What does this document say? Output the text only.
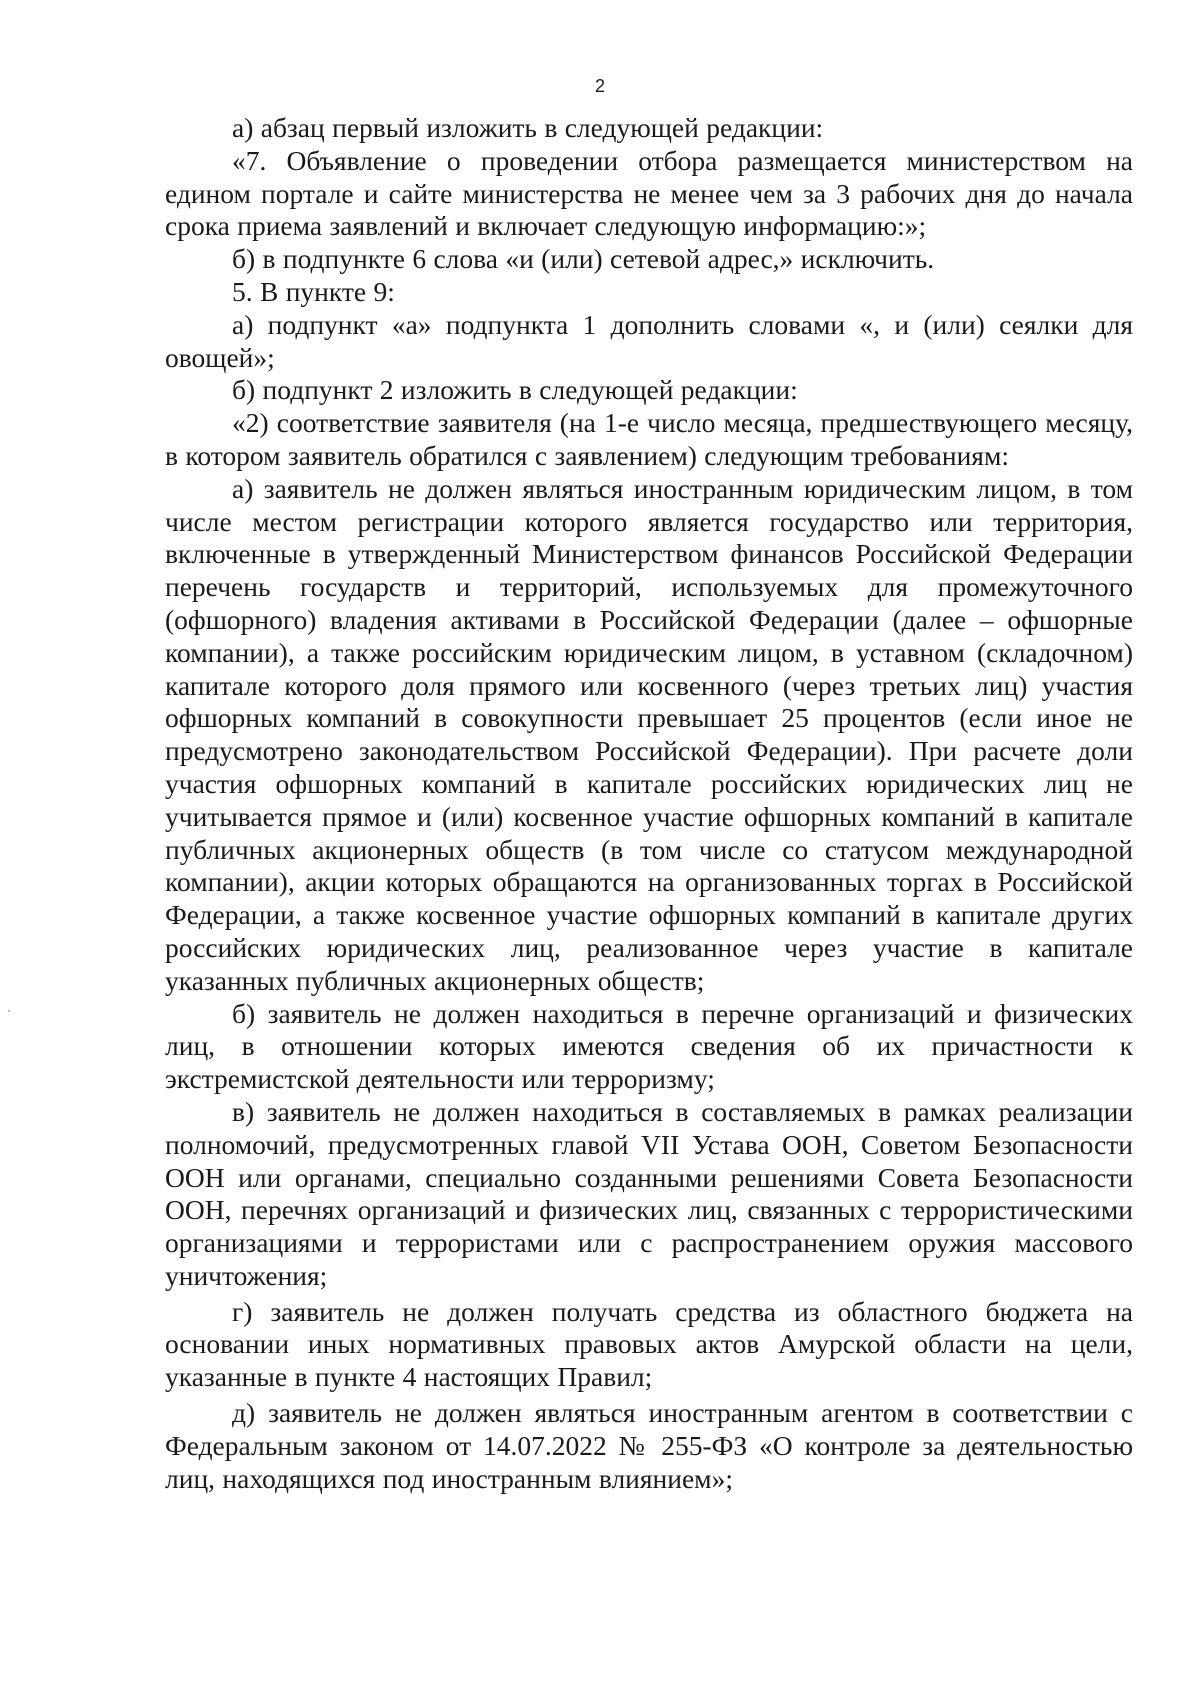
2

а) абзац первый изложить в следующей редакции:

«7. Объявление о проведении отбора размещается министерством на едином портале и сайте министерства не менее чем за 3 рабочих дня до начала срока приема заявлений и включает следующую информацию:»;

б) в подпункте 6 слова «и (или) сетевой адрес,» исключить.

5. В пункте 9:

а) подпункт «а» подпункта 1 дополнить словами «, и (или) сеялки для овощей»;

б) подпункт 2 изложить в следующей редакции:

«2) соответствие заявителя (на 1-е число месяца, предшествующего месяцу, в котором заявитель обратился с заявлением) следующим требованиям:

а) заявитель не должен являться иностранным юридическим лицом, в том числе местом регистрации которого является государство или территория, включенные в утвержденный Министерством финансов Российской Федерации перечень государств и территорий, используемых для промежуточного (офшорного) владения активами в Российской Федерации (далее – офшорные компании), а также российским юридическим лицом, в уставном (складочном) капитале которого доля прямого или косвенного (через третьих лиц) участия офшорных компаний в совокупности превышает 25 процентов (если иное не предусмотрено законодательством Российской Федерации). При расчете доли участия офшорных компаний в капитале российских юридических лиц не учитывается прямое и (или) косвенное участие офшорных компаний в капитале публичных акционерных обществ (в том числе со статусом международной компании), акции которых обращаются на организованных торгах в Российской Федерации, а также косвенное участие офшорных компаний в капитале других российских юридических лиц, реализованное через участие в капитале указанных публичных акционерных обществ;

б) заявитель не должен находиться в перечне организаций и физических лиц, в отношении которых имеются сведения об их причастности к экстремистской деятельности или терроризму;

в) заявитель не должен находиться в составляемых в рамках реализации полномочий, предусмотренных главой VII Устава ООН, Советом Безопасности ООН или органами, специально созданными решениями Совета Безопасности ООН, перечнях организаций и физических лиц, связанных с террористическими организациями и террористами или с распространением оружия массового уничтожения;

г) заявитель не должен получать средства из областного бюджета на основании иных нормативных правовых актов Амурской области на цели, указанные в пункте 4 настоящих Правил;

д) заявитель не должен являться иностранным агентом в соответствии с Федеральным законом от 14.07.2022 № 255-ФЗ «О контроле за деятельностью лиц, находящихся под иностранным влиянием»;
